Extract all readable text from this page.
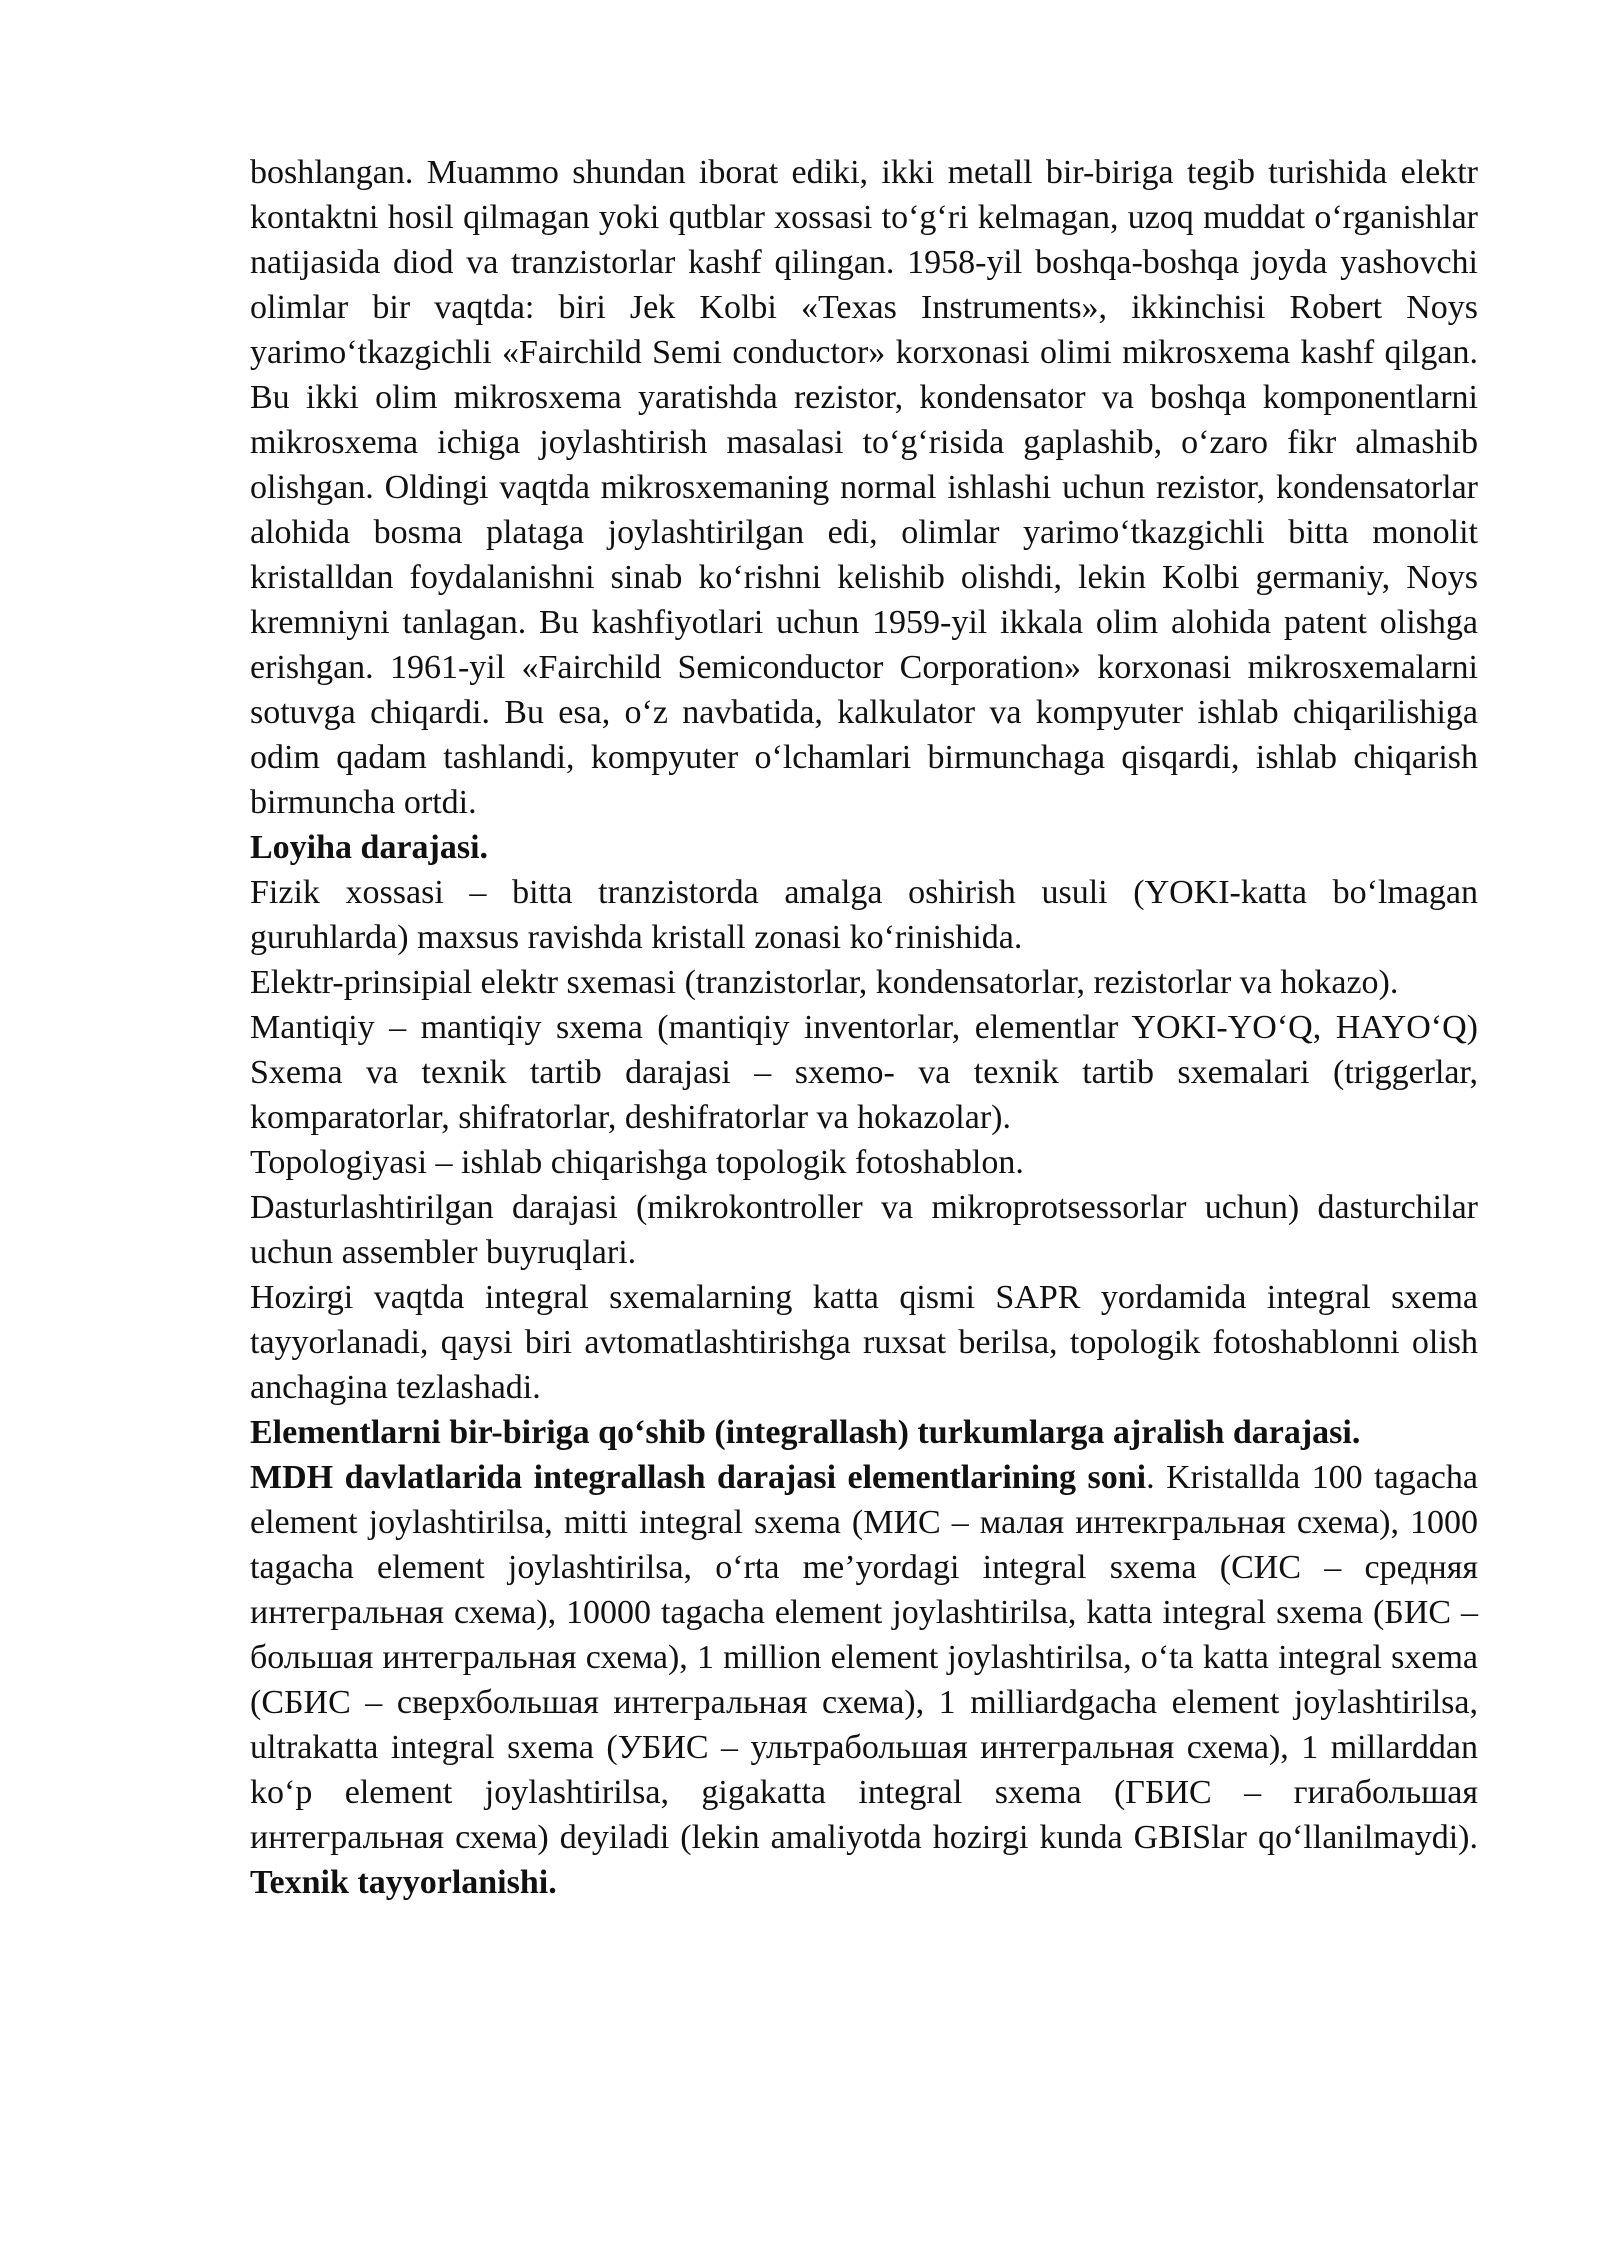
boshlangan. Muammo shundan iborat ediki, ikki metall bir-biriga tegib turishida elektr kontaktni hosil qilmagan yoki qutblar xossasi to‘g‘ri kelmagan, uzoq muddat o‘rganishlar natijasida diod va tranzistorlar kashf qilingan. 1958-yil boshqa-boshqa joyda yashovchi olimlar bir vaqtda: biri Jek Kolbi «Texas Instruments», ikkinchisi Robert Noys yarimo‘tkazgichli «Fairchild Semi conductor» korxonasi olimi mikrosxema kashf qilgan. Bu ikki olim mikrosxema yaratishda rezistor, kondensator va boshqa komponentlarni mikrosxema ichiga joylashtirish masalasi to‘g‘risida gaplashib, o‘zaro fikr almashib olishgan. Oldingi vaqtda mikrosxemaning normal ishlashi uchun rezistor, kondensatorlar alohida bosma plataga joylashtirilgan edi, olimlar yarimo‘tkazgichli bitta monolit kristalldan foydalanishni sinab ko‘rishni kelishib olishdi, lekin Kolbi germaniy, Noys kremniyni tanlagan. Bu kashfiyotlari uchun 1959-yil ikkala olim alohida patent olishga erishgan. 1961-yil «Fairchild Semiconductor Corporation» korxonasi mikrosxemalarni sotuvga chiqardi. Bu esa, o‘z navbatida, kalkulator va kompyuter ishlab chiqarilishiga odim qadam tashlandi, kompyuter o‘lchamlari birmunchaga qisqardi, ishlab chiqarish birmuncha ortdi.

Loyiha darajasi.

Fizik xossasi – bitta tranzistorda amalga oshirish usuli (YOKI-katta bo‘lmagan guruhlarda) maxsus ravishda kristall zonasi ko‘rinishida.

Elektr-prinsipial elektr sxemasi (tranzistorlar, kondensatorlar, rezistorlar va hokazo).

Mantiqiy – mantiqiy sxema (mantiqiy inventorlar, elementlar YOKI-YO‘Q, HAYO‘Q) Sxema va texnik tartib darajasi – sxemo- va texnik tartib sxemalari (triggerlar, komparatorlar, shifratorlar, deshifratorlar va hokazolar).

Topologiyasi – ishlab chiqarishga topologik fotoshablon.

Dasturlashtirilgan darajasi (mikrokontroller va mikroprotsessorlar uchun) dasturchilar uchun assembler buyruqlari.

Hozirgi vaqtda integral sxemalarning katta qismi SAPR yordamida integral sxema tayyorlanadi, qaysi biri avtomatlashtirishga ruxsat berilsa, topologik fotoshablonni olish anchagina tezlashadi.

Elementlarni bir-biriga qo‘shib (integrallash) turkumlarga ajralish darajasi.

MDH davlatlarida integrallash darajasi elementlarining soni. Kristallda 100 tagacha element joylashtirilsa, mitti integral sxema (МИС – малая интекгральная схема), 1000 tagacha element joylashtirilsa, o‘rta me’yordagi integral sxema (СИС – средняя интегральная схема), 10000 tagacha element joylashtirilsa, katta integral sxema (БИС – большая интегральная схема), 1 million element joylashtirilsa, o‘ta katta integral sxema (СБИС – сверхбольшая интегральная схема), 1 milliardgacha element joylashtirilsa, ultrakatta integral sxema (УБИС – ультрабольшая интегральная схема), 1 millarddan ko‘p element joylashtirilsa, gigakatta integral sxema (ГБИС – гигабольшая интегральная схема) deyiladi (lekin amaliyotda hozirgi kunda GBISlar qo‘llanilmaydi). Texnik tayyorlanishi.
